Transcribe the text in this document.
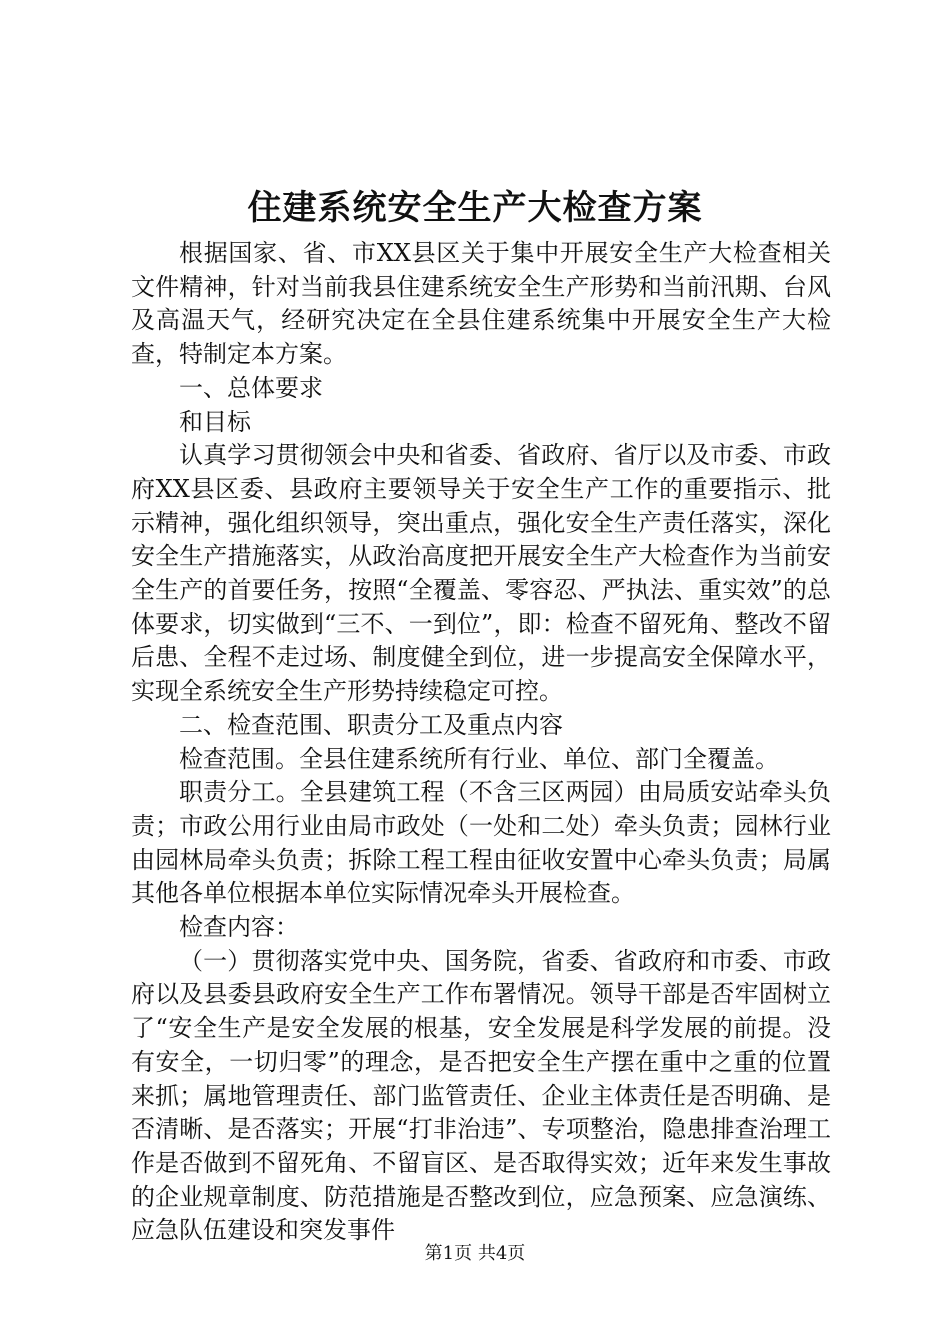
住建系统安全生产大检查方案

根据国家、省、市XX县区关于集中开展安全生产大检查相关文件精神，针对当前我县住建系统安全生产形势和当前汛期、台风及高温天气，经研究决定在全县住建系统集中开展安全生产大检查，特制定本方案。

一、总体要求

和目标

认真学习贯彻领会中央和省委、省政府、省厅以及市委、市政府XX县区委、县政府主要领导关于安全生产工作的重要指示、批示精神，强化组织领导，突出重点，强化安全生产责任落实，深化安全生产措施落实，从政治高度把开展安全生产大检查作为当前安全生产的首要任务，按照“全覆盖、零容忍、严执法、重实效”的总体要求，切实做到“三不、一到位”，即：检查不留死角、整改不留后患、全程不走过场、制度健全到位，进一步提高安全保障水平，实现全系统安全生产形势持续稳定可控。

二、检查范围、职责分工及重点内容

检查范围。全县住建系统所有行业、单位、部门全覆盖。

职责分工。全县建筑工程（不含三区两园）由局质安站牵头负责；市政公用行业由局市政处（一处和二处）牵头负责；园林行业由园林局牵头负责；拆除工程工程由征收安置中心牵头负责；局属其他各单位根据本单位实际情况牵头开展检查。

检查内容：

（一）贯彻落实党中央、国务院，省委、省政府和市委、市政府以及县委县政府安全生产工作布署情况。领导干部是否牢固树立了“安全生产是安全发展的根基，安全发展是科学发展的前提。没有安全，一切归零”的理念，是否把安全生产摆在重中之重的位置来抓；属地管理责任、部门监管责任、企业主体责任是否明确、是否清晰、是否落实；开展“打非治违”、专项整治，隐患排查治理工作是否做到不留死角、不留盲区、是否取得实效；近年来发生事故的企业规章制度、防范措施是否整改到位，应急预案、应急演练、应急队伍建设和突发事件

第1页 共4页
